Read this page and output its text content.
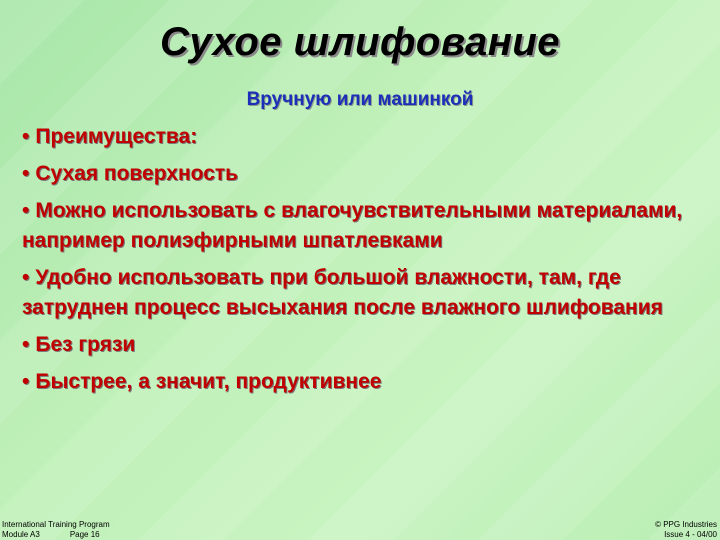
Сухое шлифование
Вручную или машинкой
• Преимущества:
• Сухая поверхность
• Можно использовать с влагочувствительными материалами, например полиэфирными шпатлевками
• Удобно использовать при большой влажности, там, где затруднен процесс высыхания после влажного шлифования
• Без грязи
• Быстрее, а значит, продуктивнее
International Training Program
Module A3	Page 16
© PPG Industries
Issue 4 - 04/00
